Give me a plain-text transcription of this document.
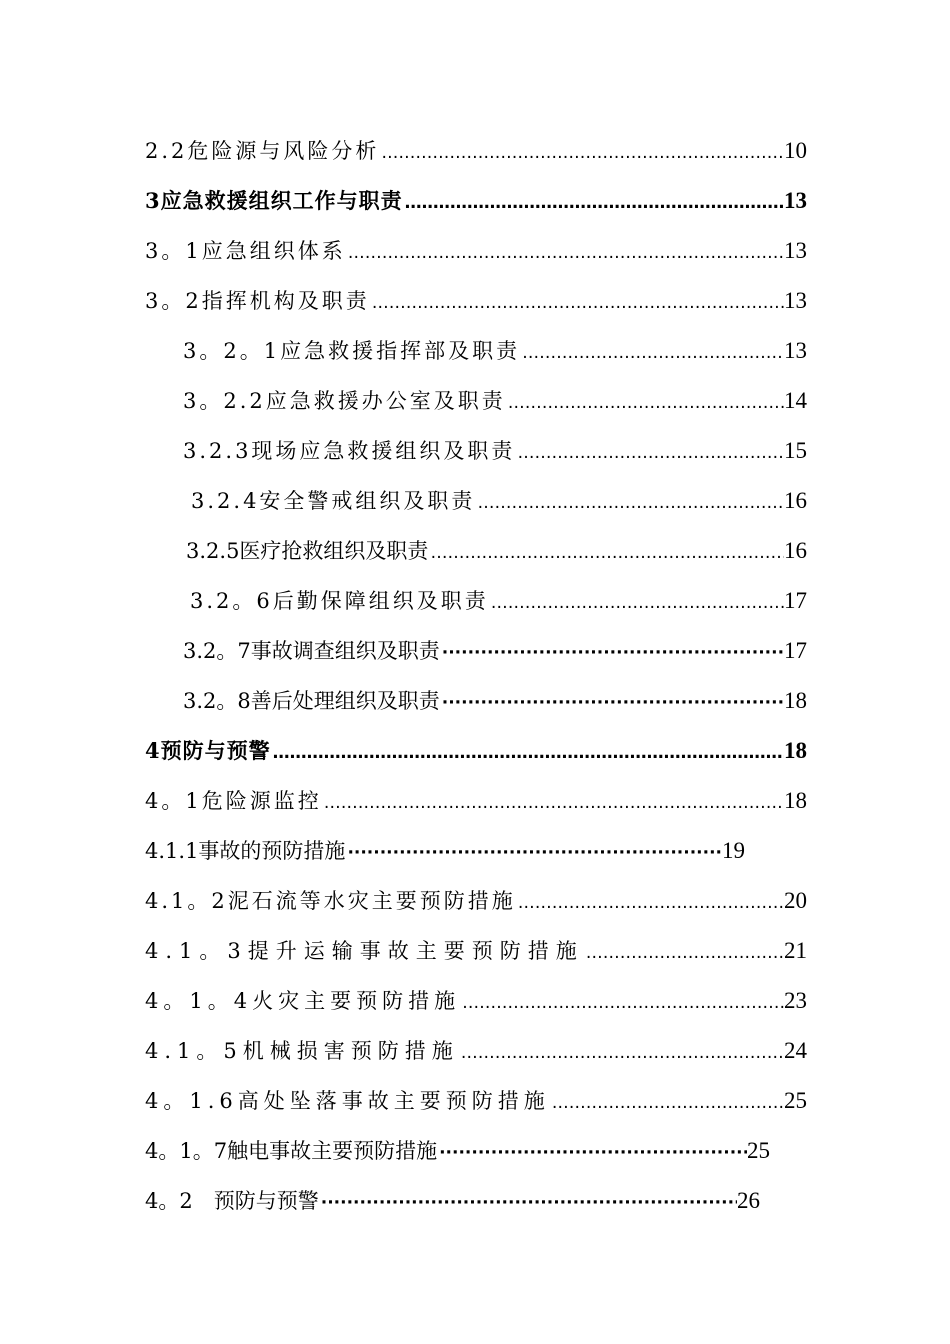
2.2危险源与风险分析 …………………………………………………………………………………………………………………………………………………………………………………………………………	10
3应急救援组织工作与职责 …………………………………………………………………………………………………………………………………………………………………………………………………………	13
3。1应急组织体系 …………………………………………………………………………………………………………………………………………………………………………………………………………	13
3。2指挥机构及职责 …………………………………………………………………………………………………………………………………………………………………………………………………………	13
3。2。1应急救援指挥部及职责 …………………………………………………………………………………………………………………………………………………………………………………………………………	13
3。2.2应急救援办公室及职责 …………………………………………………………………………………………………………………………………………………………………………………………………………	14
3.2.3现场应急救援组织及职责 …………………………………………………………………………………………………………………………………………………………………………………………………………	15
3.2.4安全警戒组织及职责 …………………………………………………………………………………………………………………………………………………………………………………………………………	16
3.2.5医疗抢救组织及职责 …………………………………………………………………………………………………………………………………………………………………………………………………………	16
3.2。6后勤保障组织及职责 …………………………………………………………………………………………………………………………………………………………………………………………………………	17
3.2。7事故调查组织及职责 ·····	17
3.2。8善后处理组织及职责 ·····	18
4预防与预警 …………………………………………………………………………………………………………………………………………………………………………………………………………	18
4。1危险源监控 …………………………………………………………………………………………………………………………………………………………………………………………………………	18
4.1.1事故的预防措施 ·····	19
4.1。2泥石流等水灾主要预防措施 …………………………………………………………………………………………………………………………………………………………………………………………………………	20
4.1。3提升运输事故主要预防措施 …………………………………………………………………………………………………………………………………………………………………………………………………………	21
4。1。4火灾主要预防措施 …………………………………………………………………………………………………………………………………………………………………………………………………………	23
4.1。5机械损害预防措施 …………………………………………………………………………………………………………………………………………………………………………………………………………	24
4。1.6高处坠落事故主要预防措施 …………………………………………………………………………………………………………………………………………………………………………………………………………	25
4。1。7触电事故主要预防措施 ·····	25
4。2　预防与预警 ·····	26
